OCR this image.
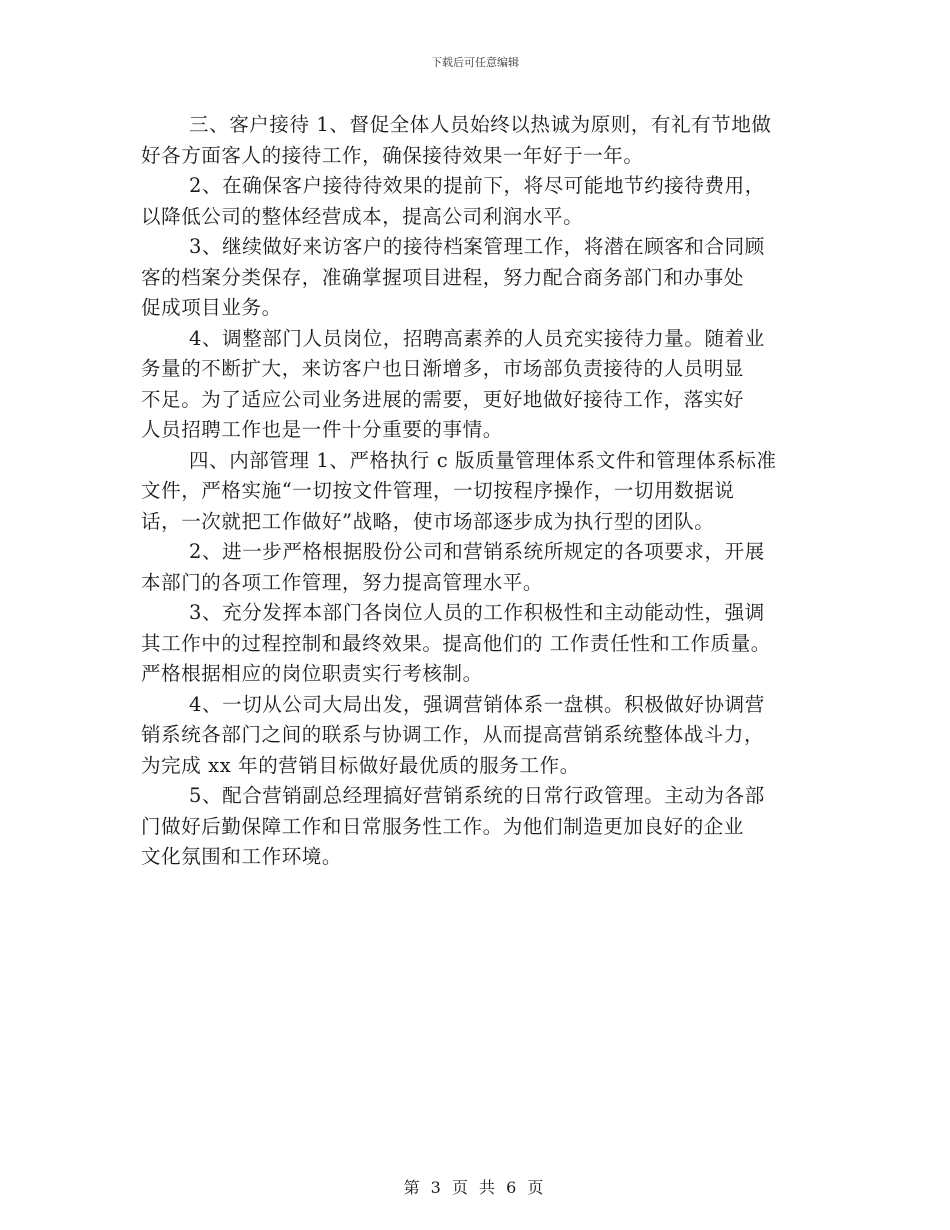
下载后可任意编辑
三、客户接待 1、督促全体人员始终以热诚为原则，有礼有节地做
好各方面客人的接待工作，确保接待效果一年好于一年。
2、在确保客户接待待效果的提前下，将尽可能地节约接待费用，
以降低公司的整体经营成本，提高公司利润水平。
3、继续做好来访客户的接待档案管理工作，将潜在顾客和合同顾
客的档案分类保存，准确掌握项目进程，努力配合商务部门和办事处
促成项目业务。
4、调整部门人员岗位，招聘高素养的人员充实接待力量。随着业
务量的不断扩大，来访客户也日渐增多，市场部负责接待的人员明显
不足。为了适应公司业务进展的需要，更好地做好接待工作，落实好
人员招聘工作也是一件十分重要的事情。
四、内部管理 1、严格执行 c 版质量管理体系文件和管理体系标准
文件，严格实施“一切按文件管理，一切按程序操作，一切用数据说
话，一次就把工作做好”战略，使市场部逐步成为执行型的团队。
2、进一步严格根据股份公司和营销系统所规定的各项要求，开展
本部门的各项工作管理，努力提高管理水平。
3、充分发挥本部门各岗位人员的工作积极性和主动能动性，强调
其工作中的过程控制和最终效果。提高他们的 工作责任性和工作质量。
严格根据相应的岗位职责实行考核制。
4、一切从公司大局出发，强调营销体系一盘棋。积极做好协调营
销系统各部门之间的联系与协调工作，从而提高营销系统整体战斗力，
为完成 xx 年的营销目标做好最优质的服务工作。
5、配合营销副总经理搞好营销系统的日常行政管理。主动为各部
门做好后勤保障工作和日常服务性工作。为他们制造更加良好的企业
文化氛围和工作环境。
第 3 页 共 6 页
